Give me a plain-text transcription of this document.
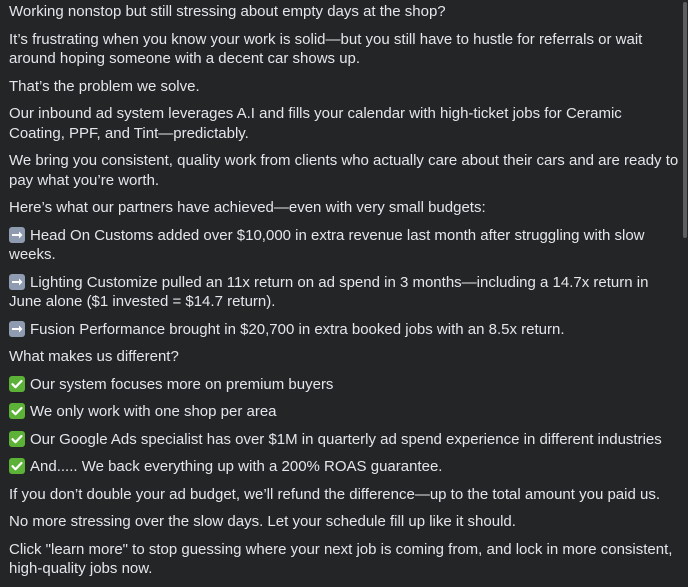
Working nonstop but still stressing about empty days at the shop?
It’s frustrating when you know your work is solid—but you still have to hustle for referrals or wait around hoping someone with a decent car shows up.
That’s the problem we solve.
Our inbound ad system leverages A.I and fills your calendar with high-ticket jobs for Ceramic Coating, PPF, and Tint—predictably.
We bring you consistent, quality work from clients who actually care about their cars and are ready to pay what you’re worth.
Here’s what our partners have achieved—even with very small budgets:
Head On Customs added over $10,000 in extra revenue last month after struggling with slow weeks.
Lighting Customize pulled an 11x return on ad spend in 3 months—including a 14.7x return in June alone ($1 invested = $14.7 return).
Fusion Performance brought in $20,700 in extra booked jobs with an 8.5x return.
What makes us different?
Our system focuses more on premium buyers
We only work with one shop per area
Our Google Ads specialist has over $1M in quarterly ad spend experience in different industries
And..... We back everything up with a 200% ROAS guarantee.
If you don’t double your ad budget, we’ll refund the difference—up to the total amount you paid us.
No more stressing over the slow days. Let your schedule fill up like it should.
Click "learn more" to stop guessing where your next job is coming from, and lock in more consistent, high-quality jobs now.
